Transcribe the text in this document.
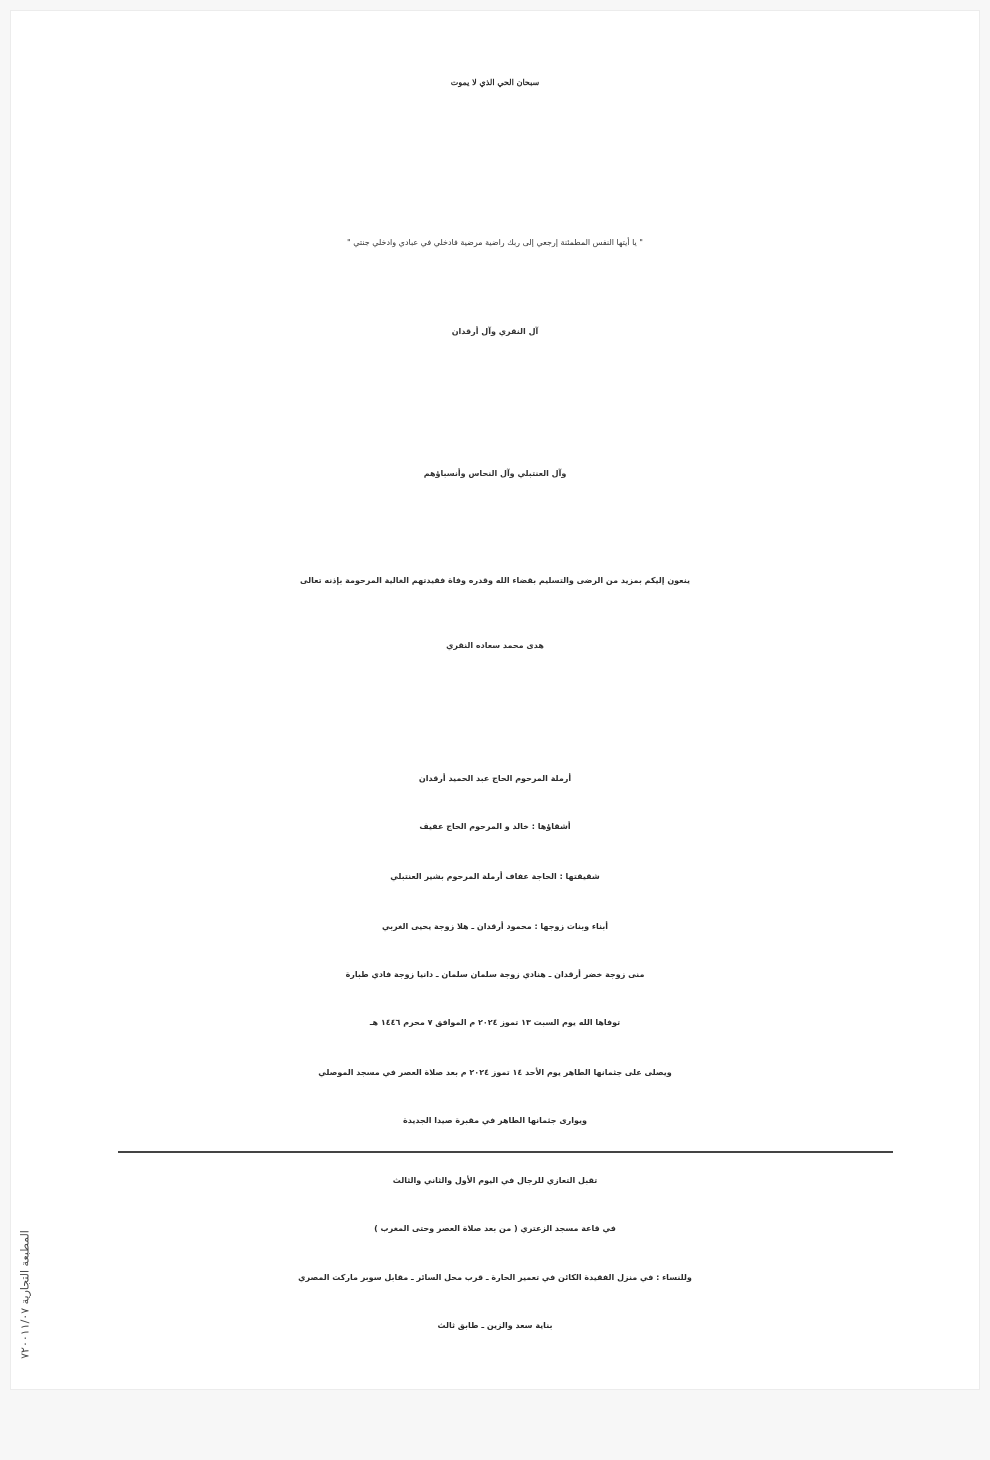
سبحان الحي الذي لا يموت
" يا أيتها النفس المطمئنة إرجعي إلى ربك راضية مرضية فادخلي في عبادي وادخلي جنتي "
آل النقري وآل أرقدان
وآل العنتبلي وآل النحاس وأنسباؤهم
ينعون إليكم بمزيد من الرضى والتسليم بقضاء الله وقدره وفاة فقيدتهم الغالية المرحومة بإذنه تعالى
هدى محمد سعاده النقري
أرملة المرحوم الحاج عبد الحميد أرقدان
أشقاؤها : خالد و المرحوم الحاج عفيف
شقيقتها : الحاجة عفاف أرملة المرحوم بشير العنتبلي
أبناء وبنات زوجها : محمود أرقدان ـ هلا زوجة يحيى الغربي
منى زوجة خضر أرقدان ـ هنادي زوجة سلمان سلمان ـ دانيا زوجة فادي طبارة
توفاها الله يوم السبت ١٣ تموز ٢٠٢٤ م الموافق ٧ محرم ١٤٤٦ هـ
ويصلى على جثمانها الطاهر يوم الأحد ١٤ تموز ٢٠٢٤ م بعد صلاة العصر في مسجد الموصلي
ويوارى جثمانها الطاهر في مقبرة صيدا الجديدة
تقبل التعازي للرجال في اليوم الأول والثاني والثالث
في قاعة مسجد الزعتري ( من بعد صلاة العصر وحتى المغرب )
وللنساء : في منزل الفقيدة الكائن في تعمير الحارة ـ قرب محل السائر ـ مقابل سوبر ماركت المصري
بناية سعد والزين ـ طابق ثالث
المطبعة التجارية ٧٢٠٠١١/٠٧
